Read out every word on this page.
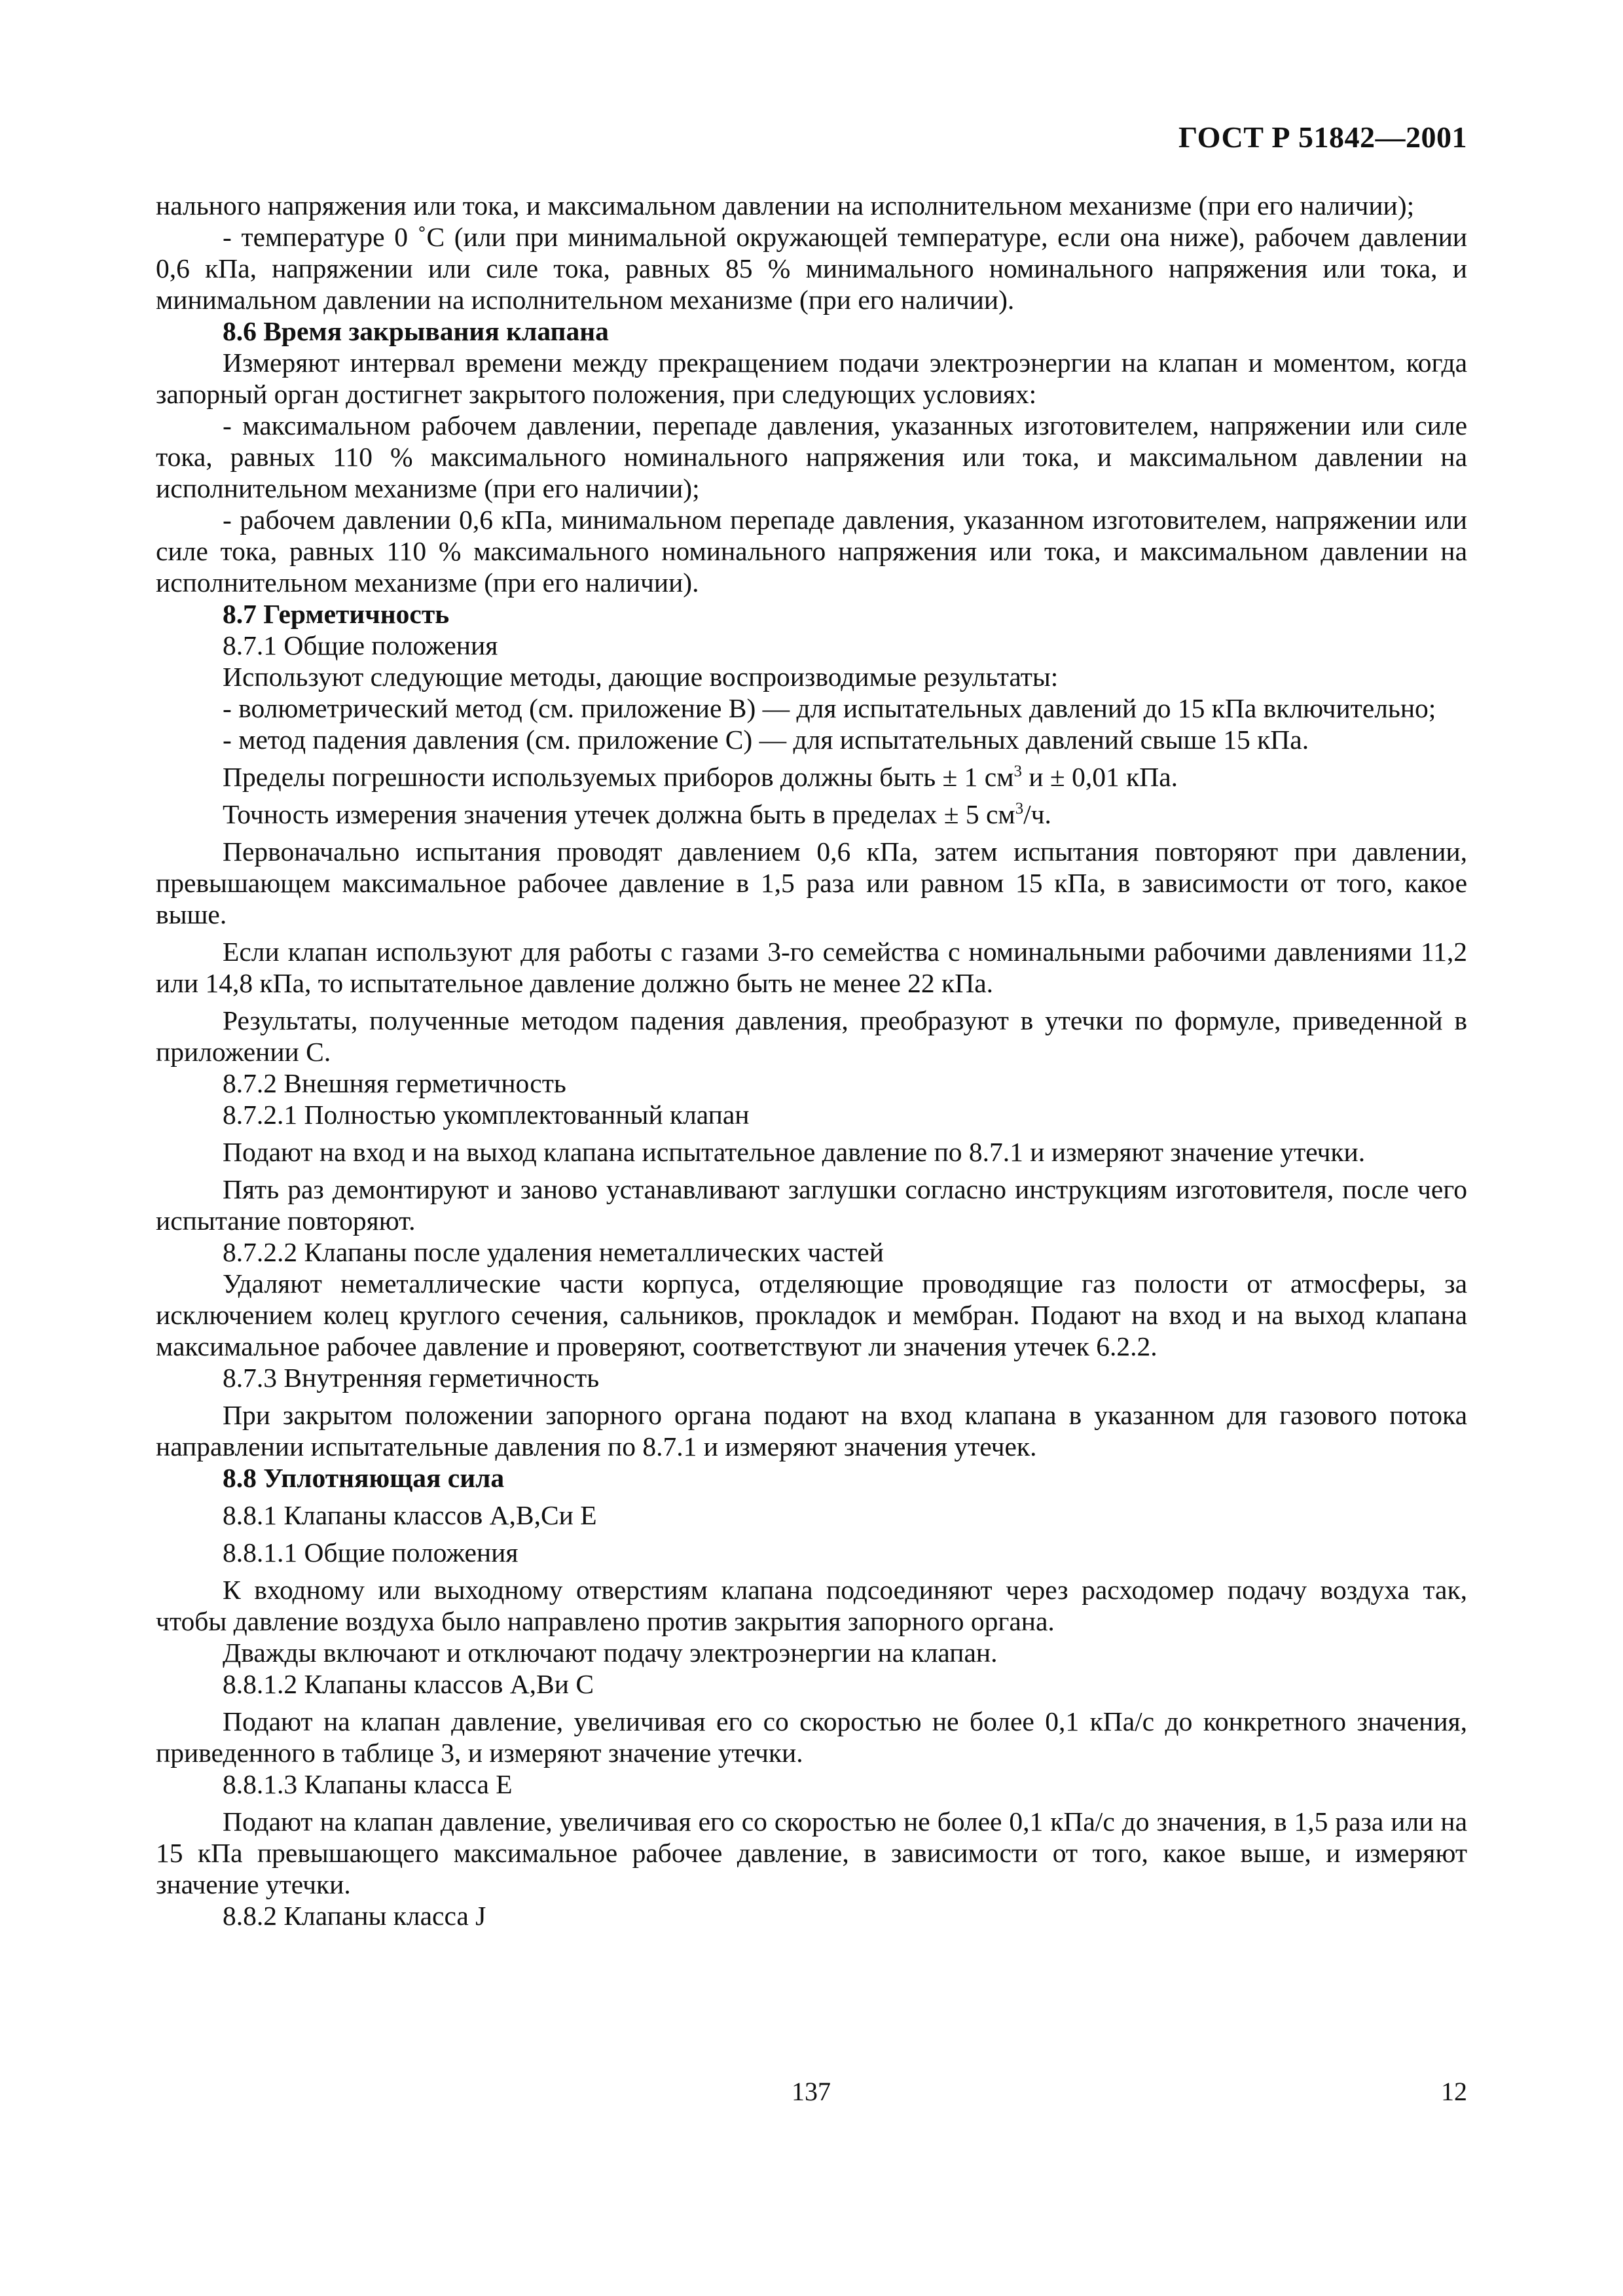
ГОСТ Р 51842—2001

нального напряжения или тока, и максимальном давлении на исполнительном механизме (при его наличии);

- температуре 0 ˚С (или при минимальной окружающей температуре, если она ниже), рабочем давлении 0,6 кПа, напряжении или силе тока, равных 85 % минимального номинального напряжения или тока, и минимальном давлении на исполнительном механизме (при его наличии).

8.6 Время закрывания клапана

Измеряют интервал времени между прекращением подачи электроэнергии на клапан и моментом, когда запорный орган достигнет закрытого положения, при следующих условиях:

- максимальном рабочем давлении, перепаде давления, указанных изготовителем, напряжении или силе тока, равных 110 % максимального номинального напряжения или тока, и максимальном давлении на исполнительном механизме (при его наличии);

- рабочем давлении 0,6 кПа, минимальном перепаде давления, указанном изготовителем, напряжении или силе тока, равных 110 % максимального номинального напряжения или тока, и максимальном давлении на исполнительном механизме (при его наличии).

8.7 Герметичность

8.7.1 Общие положения

Используют следующие методы, дающие воспроизводимые результаты:

- волюметрический метод (см. приложение В) — для испытательных давлений до 15 кПа включительно;

- метод падения давления (см. приложение С) — для испытательных давлений свыше 15 кПа.

Пределы погрешности используемых приборов должны быть ± 1 $см^3$ и ± 0,01 кПа.

Точность измерения значения утечек должна быть в пределах ± 5 $см^3/ч$.

Первоначально испытания проводят давлением 0,6 кПа, затем испытания повторяют при давлении, превышающем максимальное рабочее давление в 1,5 раза или равном 15 кПа, в зависимости от того, какое выше.

Если клапан используют для работы с газами 3-го семейства с номинальными рабочими давлениями 11,2 или 14,8 кПа, то испытательное давление должно быть не менее 22 кПа.

Результаты, полученные методом падения давления, преобразуют в утечки по формуле, приведенной в приложении С.

8.7.2 Внешняя герметичность

8.7.2.1 Полностью укомплектованный клапан

Подают на вход и на выход клапана испытательное давление по 8.7.1 и измеряют значение утечки.

Пять раз демонтируют и заново устанавливают заглушки согласно инструкциям изготовителя, после чего испытание повторяют.

8.7.2.2 Клапаны после удаления неметаллических частей

Удаляют неметаллические части корпуса, отделяющие проводящие газ полости от атмосферы, за исключением колец круглого сечения, сальников, прокладок и мембран. Подают на вход и на выход клапана максимальное рабочее давление и проверяют, соответствуют ли значения утечек 6.2.2.

8.7.3 Внутренняя герметичность

При закрытом положении запорного органа подают на вход клапана в указанном для газового потока направлении испытательные давления по 8.7.1 и измеряют значения утечек.

8.8 Уплотняющая сила

8.8.1 Клапаны классов А,В,Си Е

8.8.1.1 Общие положения

К входному или выходному отверстиям клапана подсоединяют через расходомер подачу воздуха так, чтобы давление воздуха было направлено против закрытия запорного органа.

Дважды включают и отключают подачу электроэнергии на клапан.

8.8.1.2 Клапаны классов А,Ви С

Подают на клапан давление, увеличивая его со скоростью не более 0,1 кПа/с до конкретного значения, приведенного в таблице 3, и измеряют значение утечки.

8.8.1.3 Клапаны класса Е

Подают на клапан давление, увеличивая его со скоростью не более 0,1 кПа/с до значения, в 1,5 раза или на 15 кПа превышающего максимальное рабочее давление, в зависимости от того, какое выше, и измеряют значение утечки.

8.8.2 Клапаны класса J

137	12
